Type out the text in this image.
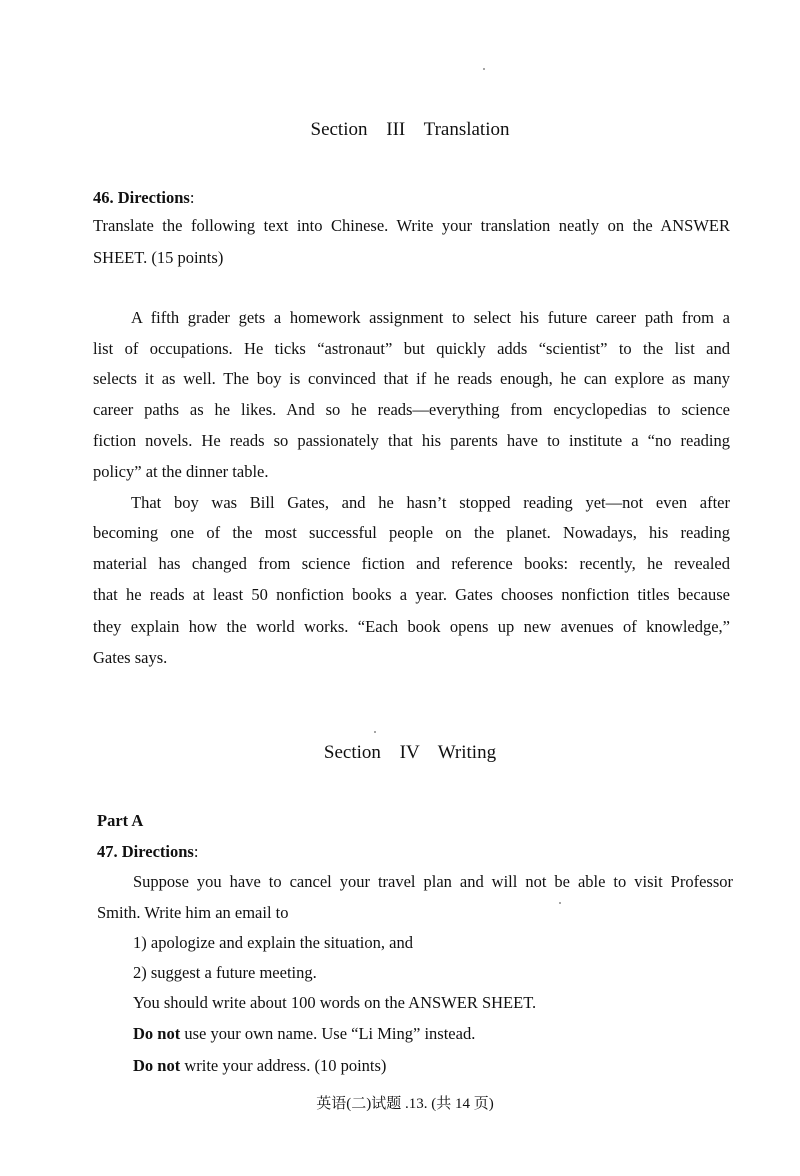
Section III Translation
46. Directions:
Translate the following text into Chinese. Write your translation neatly on the ANSWER
SHEET. (15 points)
A fifth grader gets a homework assignment to select his future career path from a
list of occupations. He ticks “astronaut” but quickly adds “scientist” to the list and
selects it as well. The boy is convinced that if he reads enough, he can explore as many
career paths as he likes. And so he reads—everything from encyclopedias to science
fiction novels. He reads so passionately that his parents have to institute a “no reading
policy” at the dinner table.
That boy was Bill Gates, and he hasn’t stopped reading yet—not even after
becoming one of the most successful people on the planet. Nowadays, his reading
material has changed from science fiction and reference books: recently, he revealed
that he reads at least 50 nonfiction books a year. Gates chooses nonfiction titles because
they explain how the world works. “Each book opens up new avenues of knowledge,”
Gates says.
Section IV Writing
Part A
47. Directions:
Suppose you have to cancel your travel plan and will not be able to visit Professor
Smith. Write him an email to
1) apologize and explain the situation, and
2) suggest a future meeting.
You should write about 100 words on the ANSWER SHEET.
Do not use your own name. Use “Li Ming” instead.
Do not write your address. (10 points)
英语(二)试题 .13. (共 14 页)
